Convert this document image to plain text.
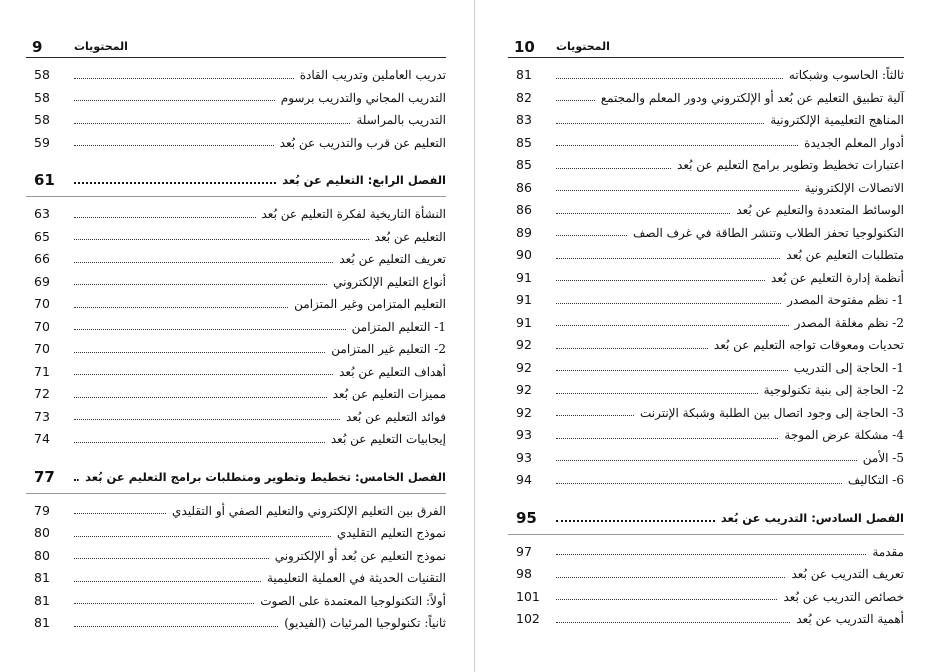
9	المحتويات
58	تدريب العاملين وتدريب القادة
58	التدريب المجاني والتدريب برسوم
58	التدريب بالمراسلة
59	التعليم عن قرب والتدريب عن بُعد
61	الفصل الرابع: التعليم عن بُعد
63	النشأة التاريخية لفكرة التعليم عن بُعد
65	التعليم عن بُعد
66	تعريف التعليم عن بُعد
69	أنواع التعليم الإلكتروني
70	التعليم المتزامن وغير المتزامن
70	1- التعليم المتزامن
70	2- التعليم غير المتزامن
71	أهداف التعليم عن بُعد
72	مميزات التعليم عن بُعد
73	فوائد التعليم عن بُعد
74	إيجابيات التعليم عن بُعد
77	الفصل الخامس: تخطيط وتطوير ومتطلبات برامج التعليم عن بُعد
79	الفرق بين التعليم الإلكتروني والتعليم الصفي أو التقليدي
80	نموذج التعليم التقليدي
80	نموذج التعليم عن بُعد أو الإلكتروني
81	التقنيات الحديثة في العملية التعليمية
81	أولاً: التكنولوجيا المعتمدة على الصوت
81	ثانياً: تكنولوجيا المرئيات (الفيديو)
10 المحتويات
81	ثالثاً: الحاسوب وشبكاته
82	آلية تطبيق التعليم عن بُعد أو الإلكتروني ودور المعلم والمجتمع
83	المناهج التعليمية الإلكترونية
85	أدوار المعلم الجديدة
85	اعتبارات تخطيط وتطوير برامج التعليم عن بُعد
86	الاتصالات الإلكترونية
86	الوسائط المتعددة والتعليم عن بُعد
89	التكنولوجيا تحفز الطلاب وتنشر الطاقة في غرف الصف
90	متطلبات التعليم عن بُعد
91	أنظمة إدارة التعليم عن بُعد
91	1- نظم مفتوحة المصدر
91	2- نظم مغلقة المصدر
92	تحديات ومعوقات تواجه التعليم عن بُعد
92	1- الحاجة إلى التدريب
92	2- الحاجة إلى بنية تكنولوجية
92	3- الحاجة إلى وجود اتصال بين الطلبة وشبكة الإنترنت
93	4- مشكلة عرض الموجة
93	5- الأمن
94	6- التكاليف
95	الفصل السادس: التدريب عن بُعد
97	مقدمة
98	تعريف التدريب عن بُعد
101	خصائص التدريب عن بُعد
102	أهمية التدريب عن بُعد
